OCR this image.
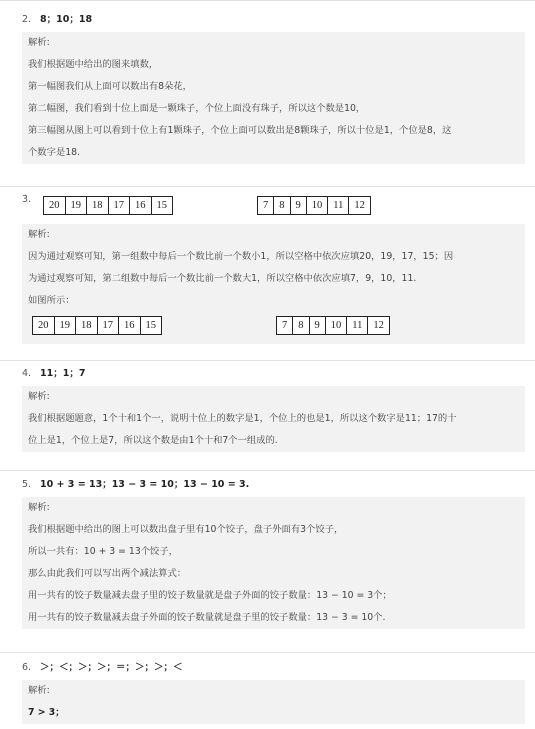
2. 8；10；18
解析:
我们根据题中给出的图来填数，
第一幅图我们从上面可以数出有8朵花，
第二幅图，我们看到十位上面是一颗珠子，个位上面没有珠子，所以这个数是10，
第三幅图从图上可以看到十位上有1颗珠子，个位上面可以数出是8颗珠子，所以十位是1，个位是8，这
个数字是18.
3.
20	19	18	17	16	15	7	8	9	10	11	12
解析:
因为通过观察可知，第一组数中每后一个数比前一个数小1，所以空格中依次应填20，19，17，15；因
为通过观察可知，第二组数中每后一个数比前一个数大1，所以空格中依次应填7，9，10，11.
如图所示：
20	19	18	17	16	15	7	8	9	10	11	12
4. 11；1；7
解析:
我们根据题题意，1个十和1个一，说明十位上的数字是1，个位上的也是1，所以这个数字是11；17的十
位上是1，个位上是7，所以这个数是由1个十和7个一组成的.
5. 10 + 3 = 13；13 − 3 = 10；13 − 10 = 3.
解析:
我们根据题中给出的图上可以数出盘子里有10个饺子，盘子外面有3个饺子，
所以一共有：10 + 3 = 13个饺子，
那么由此我们可以写出两个减法算式：
用一共有的饺子数量减去盘子里的饺子数量就是盘子外面的饺子数量：13 − 10 = 3个；
用一共有的饺子数量减去盘子外面的饺子数量就是盘子里的饺子数量：13 − 3 = 10个.
6. ＞；＜；＞；＞；＝；＞；＞；＜
解析:
7 > 3；
